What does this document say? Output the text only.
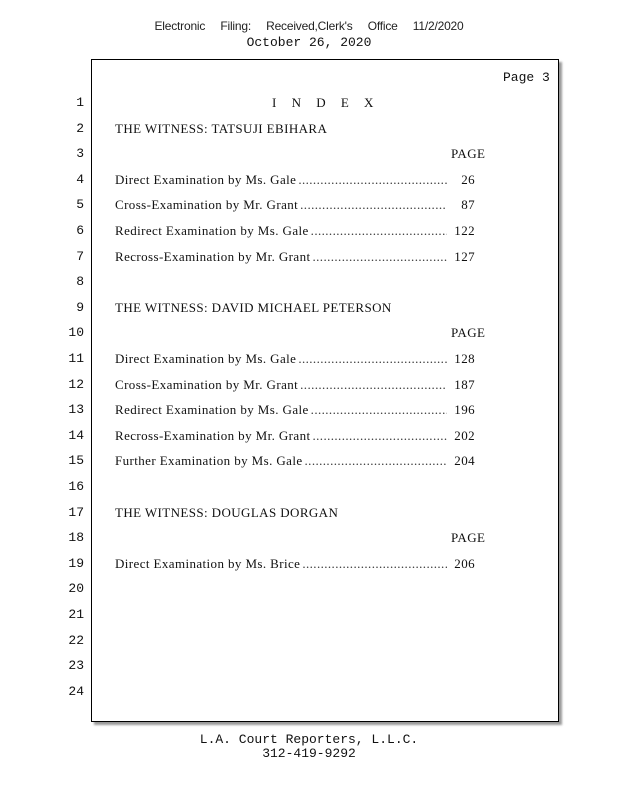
Electronic Filing: Received,Clerk's Office 11/2/2020
October 26, 2020
Page 3
1	I N D E X
2 THE WITNESS: TATSUJI EBIHARA
3	PAGE
4 Direct Examination by Ms. Gale .....	26
5 Cross-Examination by Mr. Grant .....	87
6 Redirect Examination by Ms. Gale .....	122
7 Recross-Examination by Mr. Grant .....	127
8
9 THE WITNESS: DAVID MICHAEL PETERSON
10	PAGE
11 Direct Examination by Ms. Gale .....	128
12 Cross-Examination by Mr. Grant .....	187
13 Redirect Examination by Ms. Gale .....	196
14 Recross-Examination by Mr. Grant .....	202
15 Further Examination by Ms. Gale .....	204
16
17 THE WITNESS: DOUGLAS DORGAN
18	PAGE
19 Direct Examination by Ms. Brice .....	206
20
21
22
23
24
L.A. Court Reporters, L.L.C.
312-419-9292
